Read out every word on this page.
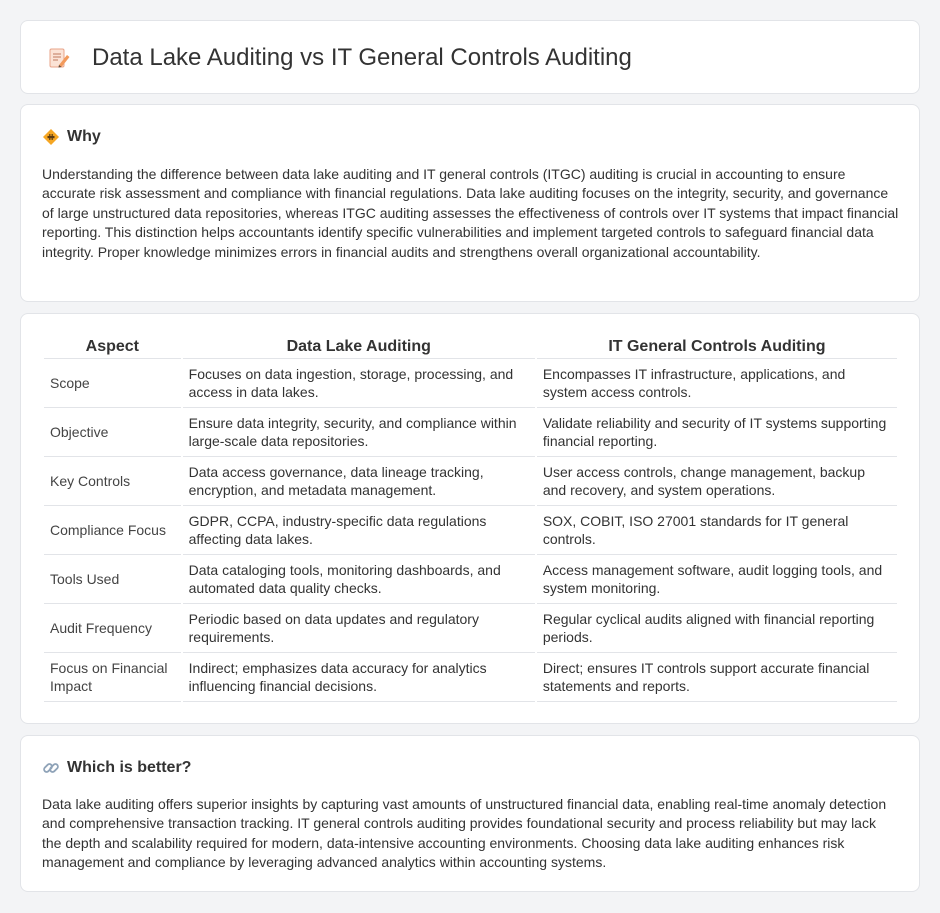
Data Lake Auditing vs IT General Controls Auditing
Why

Understanding the difference between data lake auditing and IT general controls (ITGC) auditing is crucial in accounting to ensure accurate risk assessment and compliance with financial regulations. Data lake auditing focuses on the integrity, security, and governance of large unstructured data repositories, whereas ITGC auditing assesses the effectiveness of controls over IT systems that impact financial reporting. This distinction helps accountants identify specific vulnerabilities and implement targeted controls to safeguard financial data integrity. Proper knowledge minimizes errors in financial audits and strengthens overall organizational accountability.

Aspect	Data Lake Auditing	IT General Controls Auditing
Scope	Focuses on data ingestion, storage, processing, and access in data lakes.	Encompasses IT infrastructure, applications, and system access controls.
Objective	Ensure data integrity, security, and compliance within large-scale data repositories.	Validate reliability and security of IT systems supporting financial reporting.
Key Controls	Data access governance, data lineage tracking, encryption, and metadata management.	User access controls, change management, backup and recovery, and system operations.
Compliance Focus	GDPR, CCPA, industry-specific data regulations affecting data lakes.	SOX, COBIT, ISO 27001 standards for IT general controls.
Tools Used	Data cataloging tools, monitoring dashboards, and automated data quality checks.	Access management software, audit logging tools, and system monitoring.
Audit Frequency	Periodic based on data updates and regulatory requirements.	Regular cyclical audits aligned with financial reporting periods.
Focus on Financial Impact	Indirect; emphasizes data accuracy for analytics influencing financial decisions.	Direct; ensures IT controls support accurate financial statements and reports.
Which is better?

Data lake auditing offers superior insights by capturing vast amounts of unstructured financial data, enabling real-time anomaly detection and comprehensive transaction tracking. IT general controls auditing provides foundational security and process reliability but may lack the depth and scalability required for modern, data-intensive accounting environments. Choosing data lake auditing enhances risk management and compliance by leveraging advanced analytics within accounting systems.
